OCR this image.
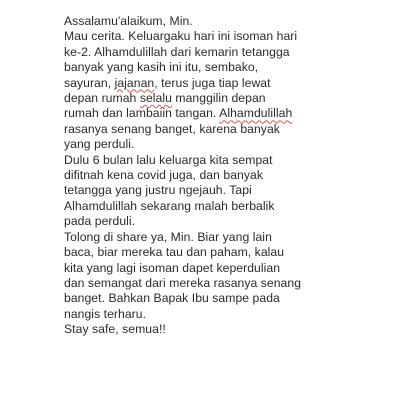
Assalamu'alaikum, Min.
Mau cerita. Keluargaku hari ini isoman hari
ke-2. Alhamdulillah dari kemarin tetangga
banyak yang kasih ini itu, sembako,
sayuran, jajanan, terus juga tiap lewat
depan rumah selalu manggilin depan
rumah dan lambaiin tangan. Alhamdulillah
rasanya senang banget, karena banyak
yang perduli.
Dulu 6 bulan lalu keluarga kita sempat
difitnah kena covid juga, dan banyak
tetangga yang justru ngejauh. Tapi
Alhamdulillah sekarang malah berbalik
pada perduli.
Tolong di share ya, Min. Biar yang lain
baca, biar mereka tau dan paham, kalau
kita yang lagi isoman dapet keperdulian
dan semangat dari mereka rasanya senang
banget. Bahkan Bapak Ibu sampe pada
nangis terharu.
Stay safe, semua!!
